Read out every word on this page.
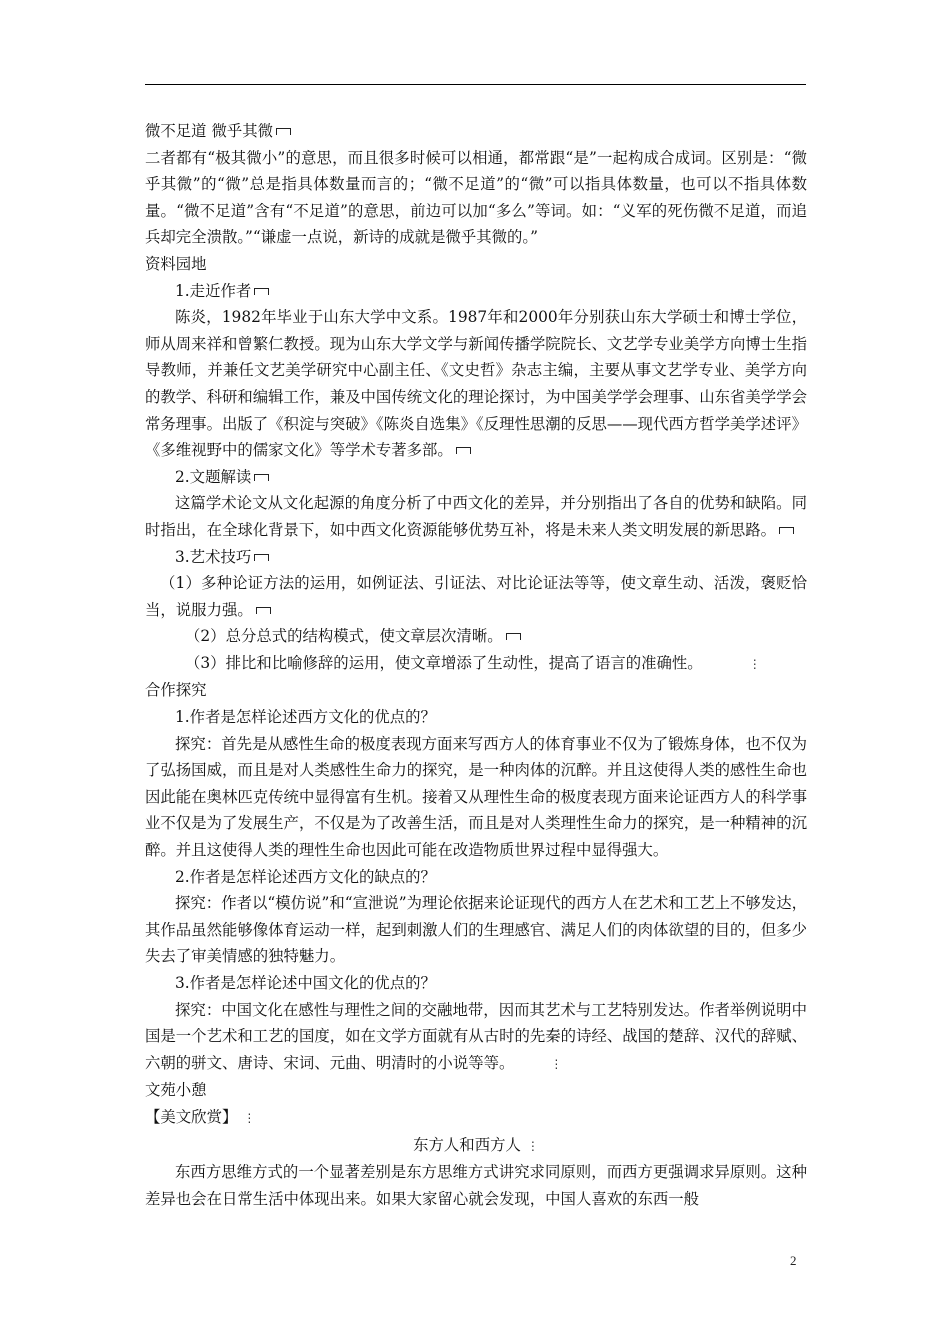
微不足道 微乎其微

二者都有“极其微小”的意思，而且很多时候可以相通，都常跟“是”一起构成合成词。区别是：“微乎其微”的“微”总是指具体数量而言的；“微不足道”的“微”可以指具体数量，也可以不指具体数量。“微不足道”含有“不足道”的意思，前边可以加“多么”等词。如：“义军的死伤微不足道，而追兵却完全溃散。”“谦虚一点说，新诗的成就是微乎其微的。”

资料园地

1.走近作者

陈炎，1982年毕业于山东大学中文系。1987年和2000年分别获山东大学硕士和博士学位，师从周来祥和曾繁仁教授。现为山东大学文学与新闻传播学院院长、文艺学专业美学方向博士生指导教师，并兼任文艺美学研究中心副主任、《文史哲》杂志主编，主要从事文艺学专业、美学方向的教学、科研和编辑工作，兼及中国传统文化的理论探讨，为中国美学学会理事、山东省美学学会常务理事。出版了《积淀与突破》《陈炎自选集》《反理性思潮的反思——现代西方哲学美学述评》《多维视野中的儒家文化》等学术专著多部。

2.文题解读

这篇学术论文从文化起源的角度分析了中西文化的差异，并分别指出了各自的优势和缺陷。同时指出，在全球化背景下，如中西文化资源能够优势互补，将是未来人类文明发展的新思路。

3.艺术技巧

（1）多种论证方法的运用，如例证法、引证法、对比论证法等等，使文章生动、活泼，褒贬恰当，说服力强。

（2）总分总式的结构模式，使文章层次清晰。

（3）排比和比喻修辞的运用，使文章增添了生动性，提高了语言的准确性。	⋮

合作探究

1.作者是怎样论述西方文化的优点的？

探究：首先是从感性生命的极度表现方面来写西方人的体育事业不仅为了锻炼身体，也不仅为了弘扬国威，而且是对人类感性生命力的探究，是一种肉体的沉醉。并且这使得人类的感性生命也因此能在奥林匹克传统中显得富有生机。接着又从理性生命的极度表现方面来论证西方人的科学事业不仅是为了发展生产，不仅是为了改善生活，而且是对人类理性生命力的探究，是一种精神的沉醉。并且这使得人类的理性生命也因此可能在改造物质世界过程中显得强大。

2.作者是怎样论述西方文化的缺点的？

探究：作者以“模仿说”和“宣泄说”为理论依据来论证现代的西方人在艺术和工艺上不够发达，其作品虽然能够像体育运动一样，起到刺激人们的生理感官、满足人们的肉体欲望的目的，但多少失去了审美情感的独特魅力。

3.作者是怎样论述中国文化的优点的？

探究：中国文化在感性与理性之间的交融地带，因而其艺术与工艺特别发达。作者举例说明中国是一个艺术和工艺的国度，如在文学方面就有从古时的先秦的诗经、战国的楚辞、汉代的辞赋、六朝的骈文、唐诗、宋词、元曲、明清时的小说等等。	⋮

文苑小憩

【美文欣赏】 ⋮

东方人和西方人 ⋮

东西方思维方式的一个显著差别是东方思维方式讲究求同原则，而西方更强调求异原则。这种差异也会在日常生活中体现出来。如果大家留心就会发现，中国人喜欢的东西一般

2
